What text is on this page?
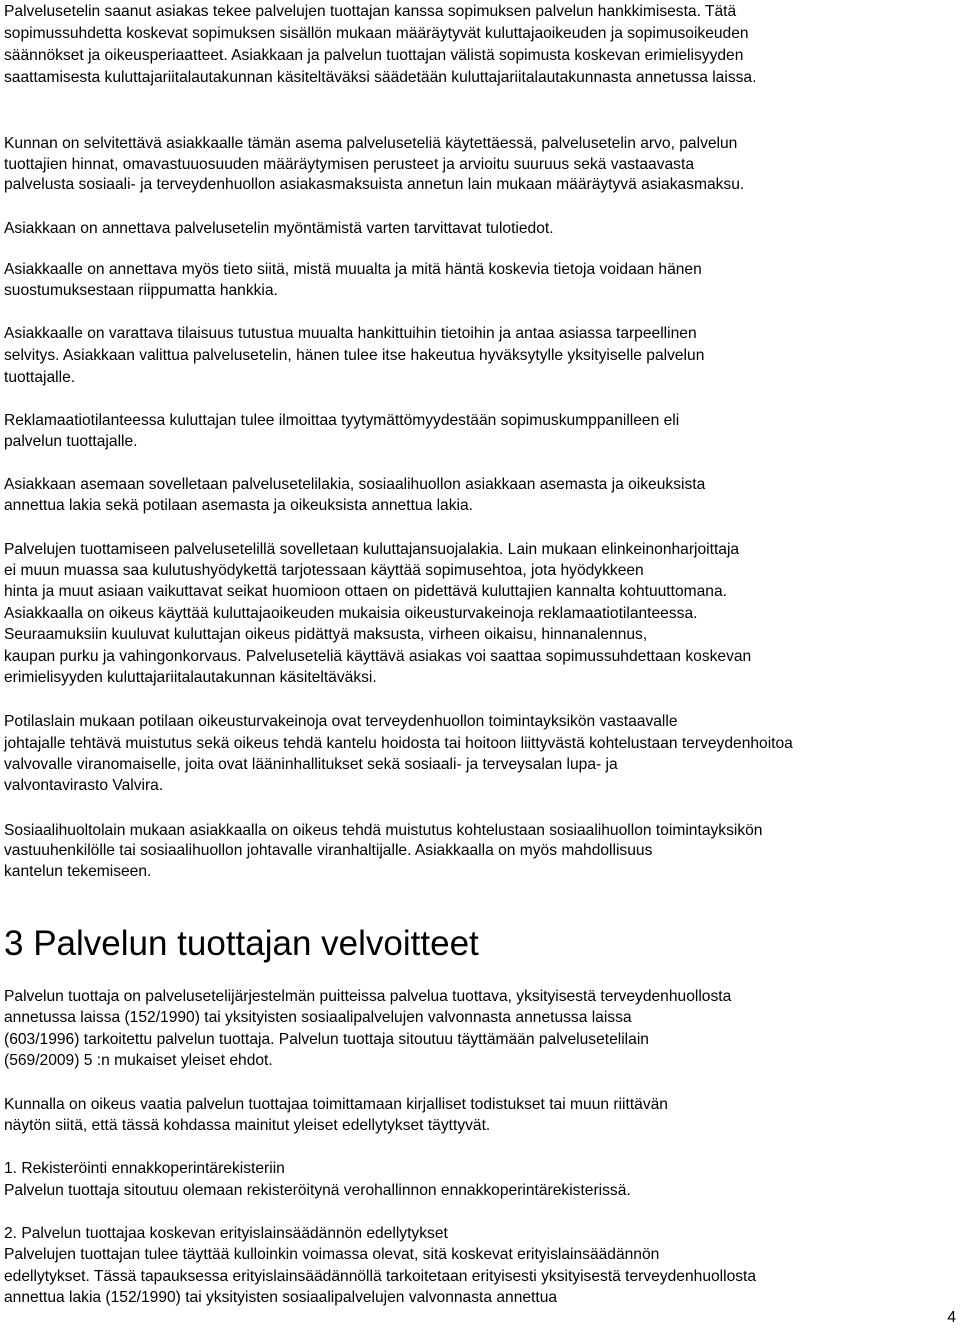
Palvelusetelin saanut asiakas tekee palvelujen tuottajan kanssa sopimuksen palvelun hankkimisesta. Tätä
sopimussuhdetta koskevat sopimuksen sisällön mukaan määräytyvät kuluttajaoikeuden ja sopimusoikeuden
säännökset ja oikeusperiaatteet. Asiakkaan ja palvelun tuottajan välistä sopimusta koskevan erimielisyyden
saattamisesta kuluttajariitalautakunnan käsiteltäväksi säädetään kuluttajariitalautakunnasta annetussa laissa.
Kunnan on selvitettävä asiakkaalle tämän asema palveluseteliä käytettäessä, palvelusetelin arvo, palvelun
tuottajien hinnat, omavastuuosuuden määräytymisen perusteet ja arvioitu suuruus sekä vastaavasta
palvelusta sosiaali- ja terveydenhuollon asiakasmaksuista annetun lain mukaan määräytyvä asiakasmaksu.
Asiakkaan on annettava palvelusetelin myöntämistä varten tarvittavat tulotiedot.
Asiakkaalle on annettava myös tieto siitä, mistä muualta ja mitä häntä koskevia tietoja voidaan hänen
suostumuksestaan riippumatta hankkia.
Asiakkaalle on varattava tilaisuus tutustua muualta hankittuihin tietoihin ja antaa asiassa tarpeellinen
selvitys. Asiakkaan valittua palvelusetelin, hänen tulee itse hakeutua hyväksytylle yksityiselle palvelun
tuottajalle.
Reklamaatiotilanteessa kuluttajan tulee ilmoittaa tyytymättömyydestään sopimuskumppanilleen eli
palvelun tuottajalle.
Asiakkaan asemaan sovelletaan palvelusetelilakia, sosiaalihuollon asiakkaan asemasta ja oikeuksista
annettua lakia sekä potilaan asemasta ja oikeuksista annettua lakia.
Palvelujen tuottamiseen palvelusetelillä sovelletaan kuluttajansuojalakia. Lain mukaan elinkeinonharjoittaja
ei muun muassa saa kulutushyödykettä tarjotessaan käyttää sopimusehtoa, jota hyödykkeen
hinta ja muut asiaan vaikuttavat seikat huomioon ottaen on pidettävä kuluttajien kannalta kohtuuttomana.
Asiakkaalla on oikeus käyttää kuluttajaoikeuden mukaisia oikeusturvakeinoja reklamaatiotilanteessa.
Seuraamuksiin kuuluvat kuluttajan oikeus pidättyä maksusta, virheen oikaisu, hinnanalennus,
kaupan purku ja vahingonkorvaus. Palveluseteliä käyttävä asiakas voi saattaa sopimussuhdettaan koskevan
erimielisyyden kuluttajariitalautakunnan käsiteltäväksi.
Potilaslain mukaan potilaan oikeusturvakeinoja ovat terveydenhuollon toimintayksikön vastaavalle
johtajalle tehtävä muistutus sekä oikeus tehdä kantelu hoidosta tai hoitoon liittyvästä kohtelustaan terveydenhoitoa
valvovalle viranomaiselle, joita ovat lääninhallitukset sekä sosiaali- ja terveysalan lupa- ja
valvontavirasto Valvira.
Sosiaalihuoltolain mukaan asiakkaalla on oikeus tehdä muistutus kohtelustaan sosiaalihuollon toimintayksikön
vastuuhenkilölle tai sosiaalihuollon johtavalle viranhaltijalle. Asiakkaalla on myös mahdollisuus
kantelun tekemiseen.
3 Palvelun tuottajan velvoitteet
Palvelun tuottaja on palvelusetelijärjestelmän puitteissa palvelua tuottava, yksityisestä terveydenhuollosta
annetussa laissa (152/1990) tai yksityisten sosiaalipalvelujen valvonnasta annetussa laissa
(603/1996) tarkoitettu palvelun tuottaja. Palvelun tuottaja sitoutuu täyttämään palvelusetelilain
(569/2009) 5 :n mukaiset yleiset ehdot.
Kunnalla on oikeus vaatia palvelun tuottajaa toimittamaan kirjalliset todistukset tai muun riittävän
näytön siitä, että tässä kohdassa mainitut yleiset edellytykset täyttyvät.
1. Rekisteröinti ennakkoperintärekisteriin
Palvelun tuottaja sitoutuu olemaan rekisteröitynä verohallinnon ennakkoperintärekisterissä.
2. Palvelun tuottajaa koskevan erityislainsäädännön edellytykset
Palvelujen tuottajan tulee täyttää kulloinkin voimassa olevat, sitä koskevat erityislainsäädännön
edellytykset. Tässä tapauksessa erityislainsäädännöllä tarkoitetaan erityisesti yksityisestä terveydenhuollosta
annettua lakia (152/1990) tai yksityisten sosiaalipalvelujen valvonnasta annettua
4
